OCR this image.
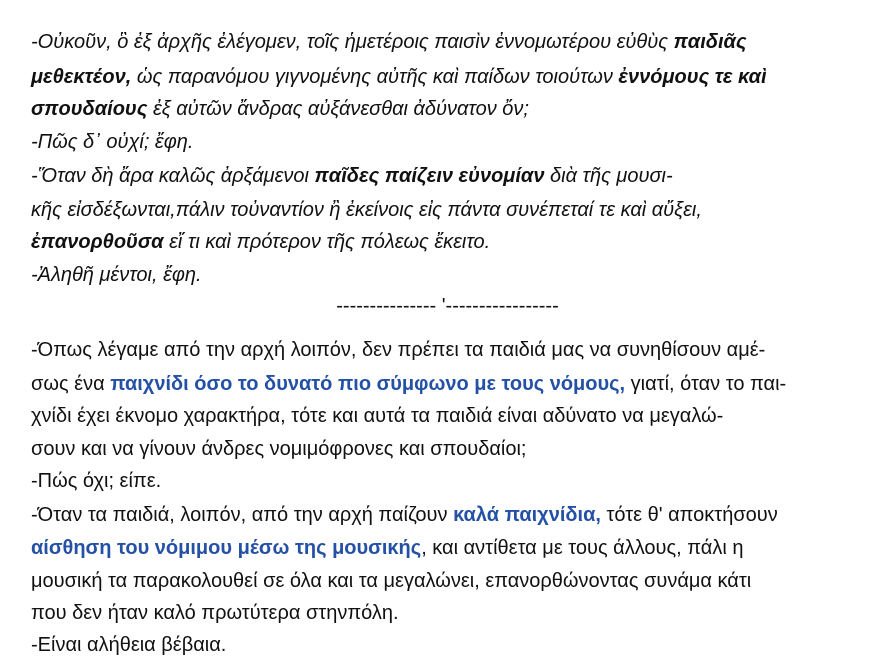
-Οὐκοῦν, ὃ ἐξ ἀρχῆς ἐλέγομεν, τοῖς ἡμετέροις παισὶν ἐννομωτέρου εὐθὺς παιδιᾶς
μεθεκτέον, ὡς παρανόμου γιγνομένης αὐτῆς καὶ παίδων τοιούτων ἐννόμους τε καὶ
σπουδαίους ἐξ αὐτῶν ἄνδρας αὐξάνεσθαι ἀδύνατον ὄν;
-Πῶς δ᾽ οὐχί; ἔφη.
-Ὅταν δὴ ἄρα καλῶς ἀρξάμενοι παῖδες παίζειν εὐνομίαν διὰ τῆς μουσι-
κῆς εἰσδέξωνται,πάλιν τοὐναντίον ἢ ἐκείνοις εἰς πάντα συνέπεταί τε καὶ αὔξει,
ἐπανορθοῦσα εἴ τι καὶ πρότερον τῆς πόλεως ἔκειτο.
-Ἀληθῆ μέντοι, ἔφη.
--------------- '-----------------
-Όπως λέγαμε από την αρχή λοιπόν, δεν πρέπει τα παιδιά μας να συνηθίσουν αμέ-
σως ένα παιχνίδι όσο το δυνατό πιο σύμφωνο με τους νόμους, γιατί, όταν το παι-
χνίδι έχει έκνομο χαρακτήρα, τότε και αυτά τα παιδιά είναι αδύνατο να μεγαλώ-
σουν και να γίνουν άνδρες νομιμόφρονες και σπουδαίοι;
-Πώς όχι; είπε.
-Όταν τα παιδιά, λοιπόν, από την αρχή παίζουν καλά παιχνίδια, τότε θ' αποκτήσουν
αίσθηση του νόμιμου μέσω της μουσικής, και αντίθετα με τους άλλους, πάλι η
μουσική τα παρακολουθεί σε όλα και τα μεγαλώνει, επανορθώνοντας συνάμα κάτι
που δεν ήταν καλό πρωτύτερα στηνπόλη.
-Είναι αλήθεια βέβαια.
